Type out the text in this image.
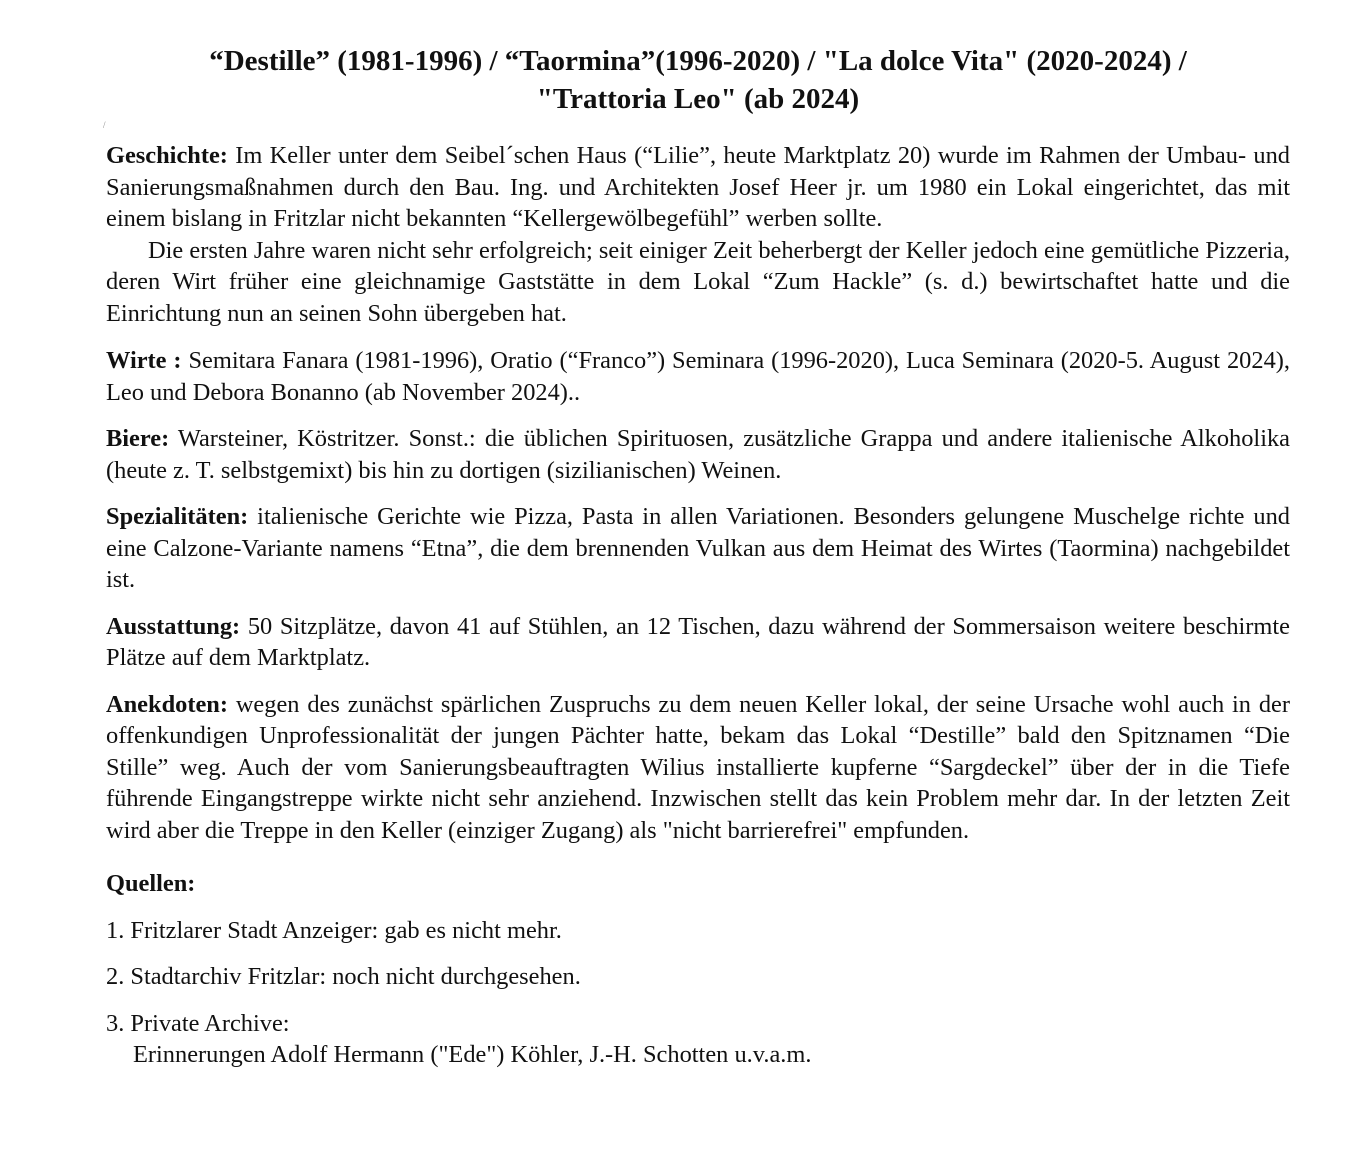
“Destille” (1981-1996) / “Taormina”(1996-2020) / "La dolce Vita" (2020-2024) /
"Trattoria Leo" (ab 2024)
/

Geschichte: Im Keller unter dem Seibel´schen Haus (“Lilie”, heute Marktplatz 20) wurde im Rahmen der Umbau- und Sanierungsmaßnahmen durch den Bau. Ing. und Architekten Josef Heer jr. um 1980 ein Lokal eingerichtet, das mit einem bislang in Fritzlar nicht bekannten “Kellergewölbegefühl” werben sollte.

Die ersten Jahre waren nicht sehr erfolgreich; seit einiger Zeit beherbergt der Keller jedoch eine gemütliche Pizzeria, deren Wirt früher eine gleichnamige Gaststätte in dem Lokal “Zum Hackle” (s. d.) bewirtschaftet hatte und die Einrichtung nun an seinen Sohn übergeben hat.

Wirte : Semitara Fanara (1981-1996), Oratio (“Franco”) Seminara (1996-2020), Luca Seminara (2020-5. August 2024), Leo und Debora Bonanno (ab November 2024)..

Biere: Warsteiner, Köstritzer. Sonst.: die üblichen Spirituosen, zusätzliche Grappa und andere italienische Alkoholika (heute z. T. selbstgemixt) bis hin zu dortigen (sizilianischen) Weinen.

Spezialitäten: italienische Gerichte wie Pizza, Pasta in allen Variationen. Besonders gelungene Muschelge richte und eine Calzone-Variante namens “Etna”, die dem brennenden Vulkan aus dem Heimat des Wirtes (Taormina) nachgebildet ist.

Ausstattung: 50 Sitzplätze, davon 41 auf Stühlen, an 12 Tischen, dazu während der Sommersaison weitere beschirmte Plätze auf dem Marktplatz.

Anekdoten: wegen des zunächst spärlichen Zuspruchs zu dem neuen Keller lokal, der seine Ursache wohl auch in der offenkundigen Unprofessionalität der jungen Pächter hatte, bekam das Lokal “Destille” bald den Spitznamen “Die Stille” weg. Auch der vom Sanierungsbeauftragten Wilius installierte kupferne “Sargdeckel” über der in die Tiefe führende Eingangstreppe wirkte nicht sehr anziehend. Inzwischen stellt das kein Problem mehr dar. In der letzten Zeit wird aber die Treppe in den Keller (einziger Zugang) als "nicht barrierefrei" empfunden.

Quellen:

1. Fritzlarer Stadt Anzeiger: gab es nicht mehr.

2. Stadtarchiv Fritzlar: noch nicht durchgesehen.

3. Private Archive:
Erinnerungen Adolf Hermann ("Ede") Köhler, J.-H. Schotten u.v.a.m.
